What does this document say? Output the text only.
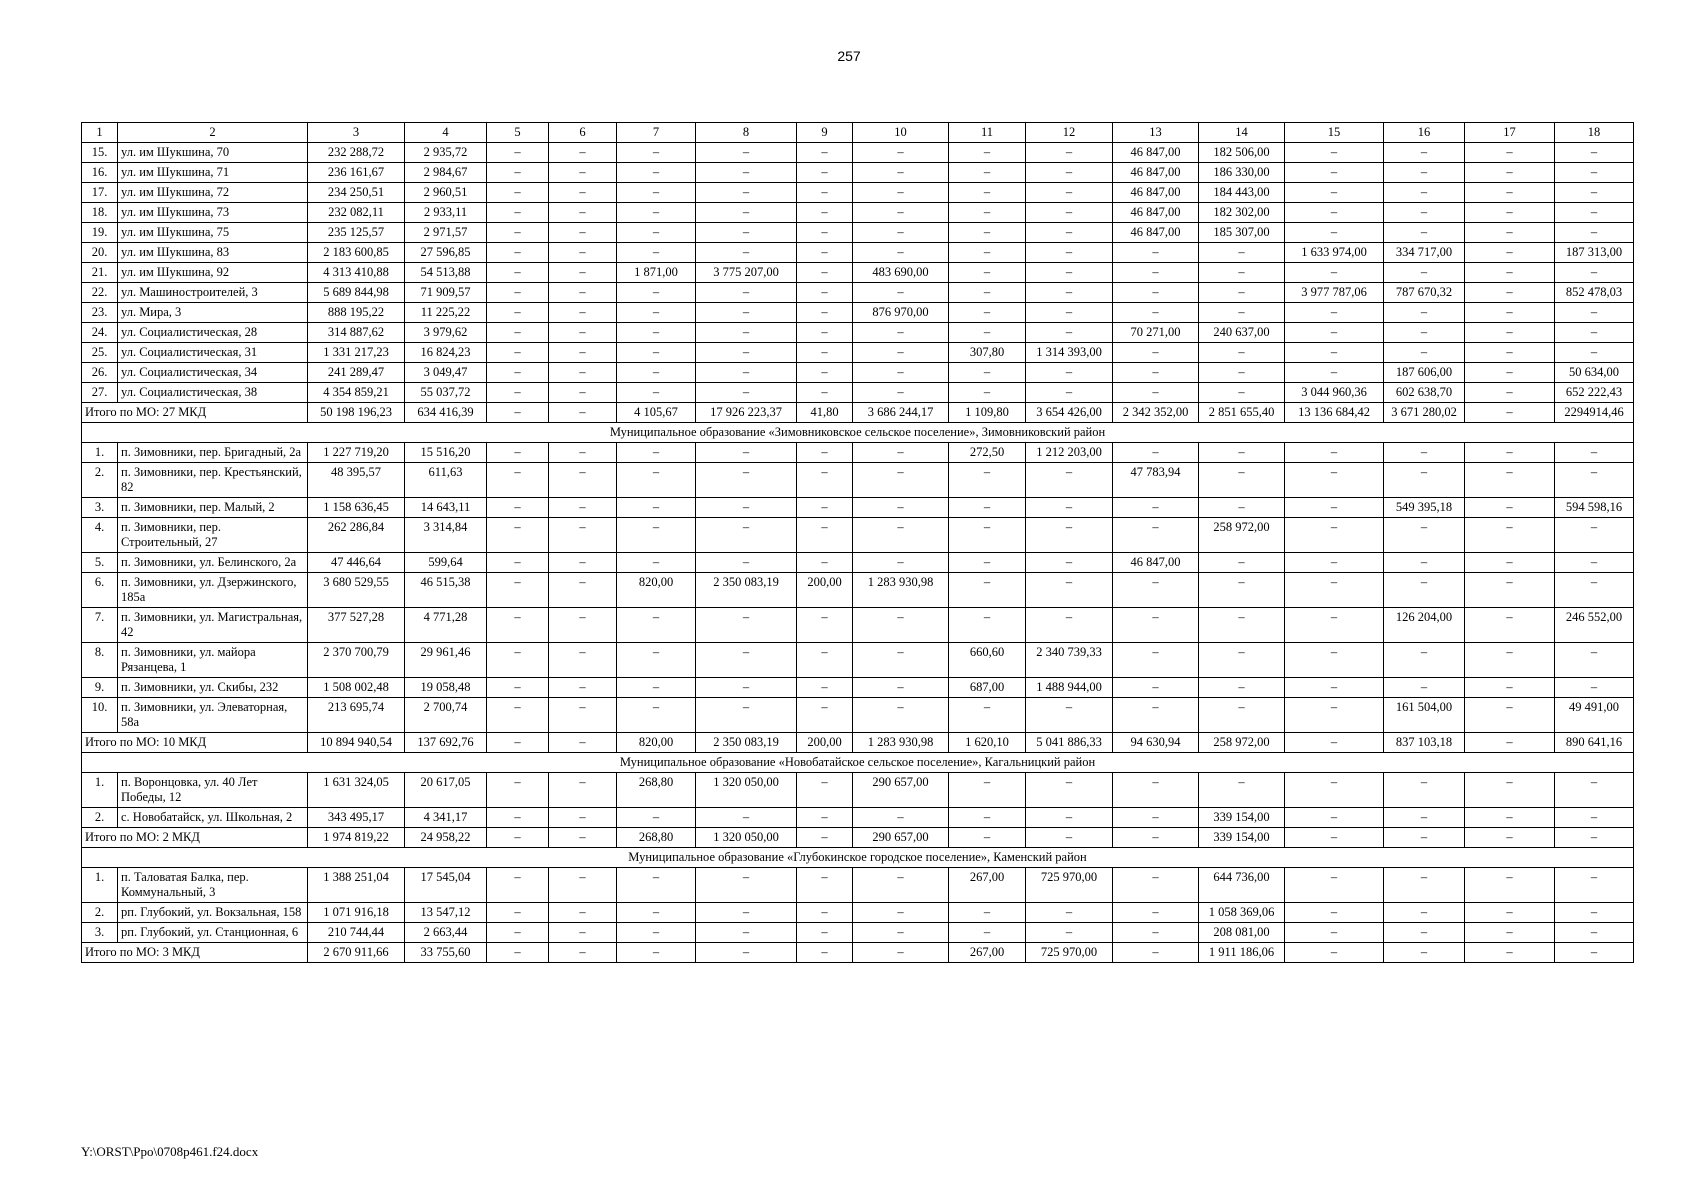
257
1	2	3	4	5	6	7	8	9	10	11	12	13	14	15	16	17	18
15.	ул. им Шукшина, 70	232 288,72	2 935,72	–	–	–	–	–	–	–	–	46 847,00	182 506,00	–	–	–	–
16.	ул. им Шукшина, 71	236 161,67	2 984,67	–	–	–	–	–	–	–	–	46 847,00	186 330,00	–	–	–	–
17.	ул. им Шукшина, 72	234 250,51	2 960,51	–	–	–	–	–	–	–	–	46 847,00	184 443,00	–	–	–	–
18.	ул. им Шукшина, 73	232 082,11	2 933,11	–	–	–	–	–	–	–	–	46 847,00	182 302,00	–	–	–	–
19.	ул. им Шукшина, 75	235 125,57	2 971,57	–	–	–	–	–	–	–	–	46 847,00	185 307,00	–	–	–	–
20.	ул. им Шукшина, 83	2 183 600,85	27 596,85	–	–	–	–	–	–	–	–	–	–	1 633 974,00	334 717,00	–	187 313,00
21.	ул. им Шукшина, 92	4 313 410,88	54 513,88	–	–	1 871,00	3 775 207,00	–	483 690,00	–	–	–	–	–	–	–	–
22.	ул. Машиностроителей, 3	5 689 844,98	71 909,57	–	–	–	–	–	–	–	–	–	–	3 977 787,06	787 670,32	–	852 478,03
23.	ул. Мира, 3	888 195,22	11 225,22	–	–	–	–	–	876 970,00	–	–	–	–	–	–	–	–
24.	ул. Социалистическая, 28	314 887,62	3 979,62	–	–	–	–	–	–	–	–	70 271,00	240 637,00	–	–	–	–
25.	ул. Социалистическая, 31	1 331 217,23	16 824,23	–	–	–	–	–	–	307,80	1 314 393,00	–	–	–	–	–	–
26.	ул. Социалистическая, 34	241 289,47	3 049,47	–	–	–	–	–	–	–	–	–	–	–	187 606,00	–	50 634,00
27.	ул. Социалистическая, 38	4 354 859,21	55 037,72	–	–	–	–	–	–	–	–	–	–	3 044 960,36	602 638,70	–	652 222,43
Итого по МО: 27 МКД		50 198 196,23	634 416,39	–	–	4 105,67	17 926 223,37	41,80	3 686 244,17	1 109,80	3 654 426,00	2 342 352,00	2 851 655,40	13 136 684,42	3 671 280,02	–	2294914,46
Муниципальное образование «Зимовниковское сельское поселение», Зимовниковский район																	
1.	п. Зимовники, пер. Бригадный, 2а	1 227 719,20	15 516,20	–	–	–	–	–	–	272,50	1 212 203,00	–	–	–	–	–	–
2.	п. Зимовники, пер. Крестьянский, 82	48 395,57	611,63	–	–	–	–	–	–	–	–	47 783,94	–	–	–	–	–
3.	п. Зимовники, пер. Малый, 2	1 158 636,45	14 643,11	–	–	–	–	–	–	–	–	–	–	–	549 395,18	–	594 598,16
4.	п. Зимовники, пер. Строительный, 27	262 286,84	3 314,84	–	–	–	–	–	–	–	–	–	258 972,00	–	–	–	–
5.	п. Зимовники, ул. Белинского, 2а	47 446,64	599,64	–	–	–	–	–	–	–	–	46 847,00	–	–	–	–	–
6.	п. Зимовники, ул. Дзержинского, 185а	3 680 529,55	46 515,38	–	–	820,00	2 350 083,19	200,00	1 283 930,98	–	–	–	–	–	–	–	–
7.	п. Зимовники, ул. Магистральная, 42	377 527,28	4 771,28	–	–	–	–	–	–	–	–	–	–	–	126 204,00	–	246 552,00
8.	п. Зимовники, ул. майора Рязанцева, 1	2 370 700,79	29 961,46	–	–	–	–	–	–	660,60	2 340 739,33	–	–	–	–	–	–
9.	п. Зимовники, ул. Скибы, 232	1 508 002,48	19 058,48	–	–	–	–	–	–	687,00	1 488 944,00	–	–	–	–	–	–
10.	п. Зимовники, ул. Элеваторная, 58а	213 695,74	2 700,74	–	–	–	–	–	–	–	–	–	–	–	161 504,00	–	49 491,00
Итого по МО: 10 МКД		10 894 940,54	137 692,76	–	–	820,00	2 350 083,19	200,00	1 283 930,98	1 620,10	5 041 886,33	94 630,94	258 972,00	–	837 103,18	–	890 641,16
Муниципальное образование «Новобатайское сельское поселение», Кагальницкий район																	
1.	п. Воронцовка, ул. 40 Лет Победы, 12	1 631 324,05	20 617,05	–	–	268,80	1 320 050,00	–	290 657,00	–	–	–	–	–	–	–	–
2.	с. Новобатайск, ул. Школьная, 2	343 495,17	4 341,17	–	–	–	–	–	–	–	–	–	339 154,00	–	–	–	–
Итого по МО: 2 МКД		1 974 819,22	24 958,22	–	–	268,80	1 320 050,00	–	290 657,00	–	–	–	339 154,00	–	–	–	–
Муниципальное образование «Глубокинское городское поселение», Каменский район																	
1.	п. Таловатая Балка, пер. Коммунальный, 3	1 388 251,04	17 545,04	–	–	–	–	–	–	267,00	725 970,00	–	644 736,00	–	–	–	–
2.	рп. Глубокий, ул. Вокзальная, 158	1 071 916,18	13 547,12	–	–	–	–	–	–	–	–	–	1 058 369,06	–	–	–	–
3.	рп. Глубокий, ул. Станционная, 6	210 744,44	2 663,44	–	–	–	–	–	–	–	–	–	208 081,00	–	–	–	–
Итого по МО: 3 МКД		2 670 911,66	33 755,60	–	–	–	–	–	–	267,00	725 970,00	–	1 911 186,06	–	–	–	–
Y:\ORST\Ppo\0708p461.f24.docx
